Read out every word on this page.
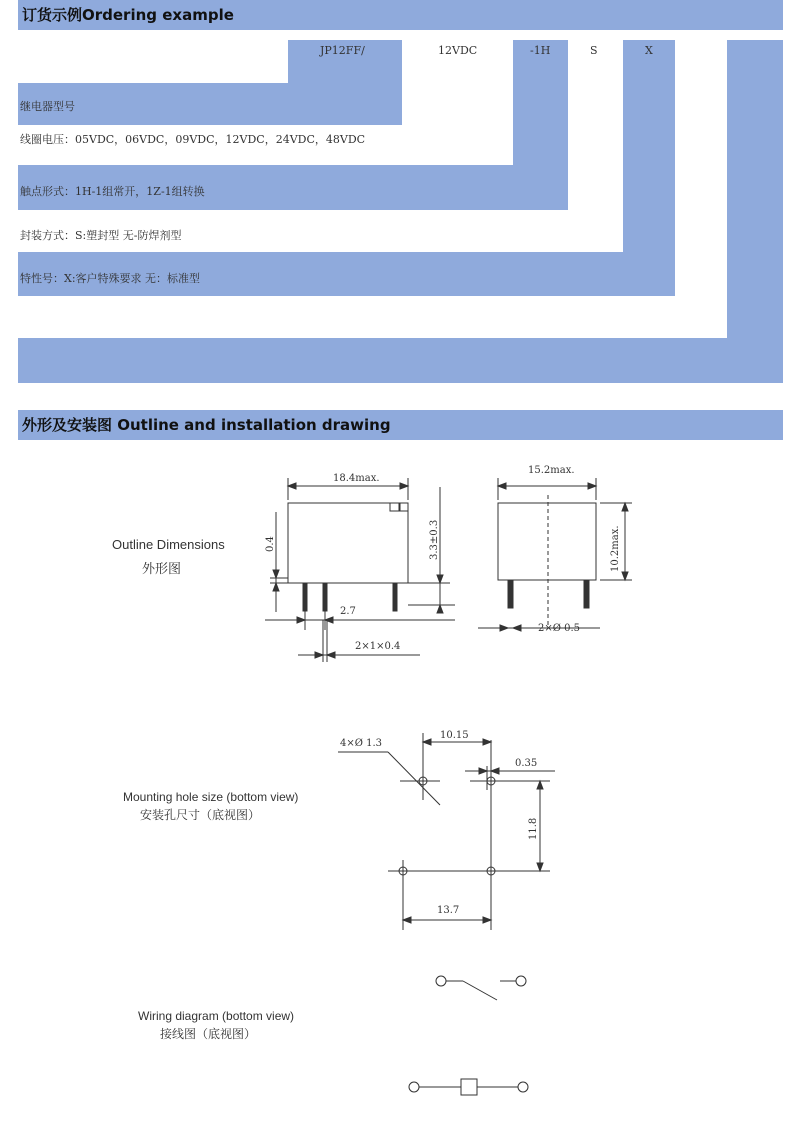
订货示例Ordering example
JP12FF/	12VDC	-1H	S	X
继电器型号
线圈电压：05VDC，06VDC，09VDC，12VDC，24VDC，48VDC
触点形式：1H-1组常开，1Z-1组转换
封装方式：S:塑封型 无-防焊剂型
特性号：X:客户特殊要求 无：标准型
外形及安装图 Outline and installation drawing
Outline Dimensions
外形图
18.4max.
3.3±0.3
0.4
2.7
2×1×0.4
15.2max.
10.2max.
2×Ø 0.5
4×Ø 1.3
10.15
0.35
11.8
13.7
Mounting hole size (bottom view)
安装孔尺寸（底视图）
Wiring diagram (bottom view)
接线图（底视图）
